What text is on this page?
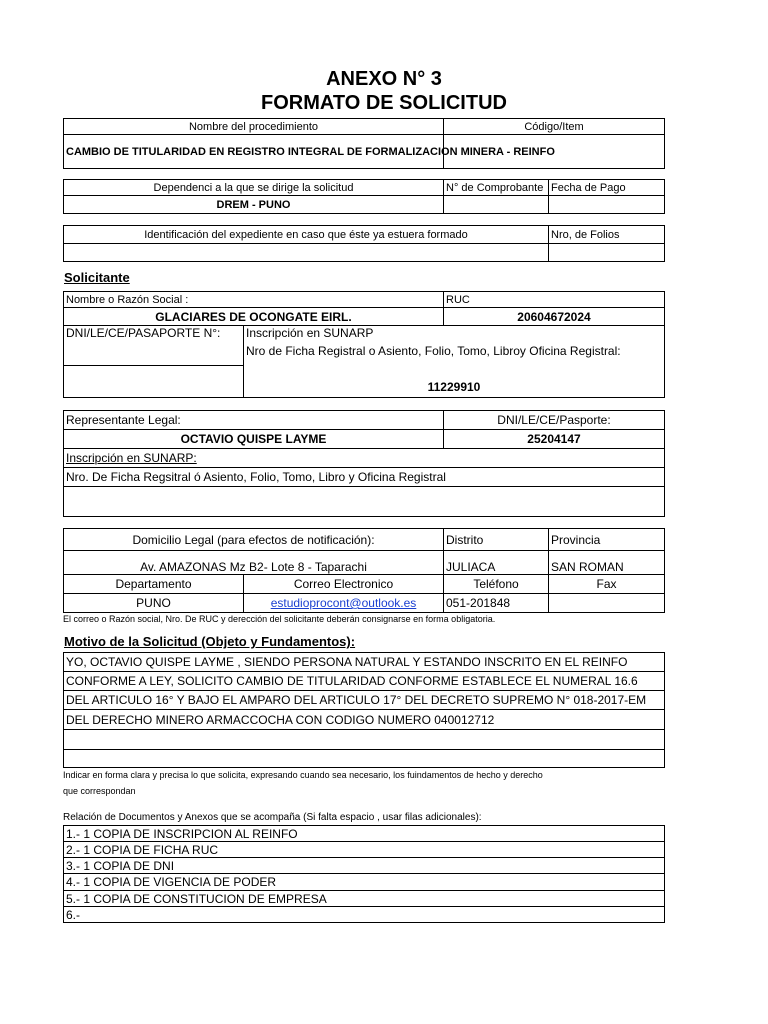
ANEXO N° 3
FORMATO DE SOLICITUD
Nombre del procedimiento	Código/Item
CAMBIO DE TITULARIDAD EN REGISTRO INTEGRAL DE FORMALIZACION MINERA - REINFO	
Dependenci a la que se dirige la solicitud	N° de Comprobante	Fecha de Pago
DREM - PUNO		
Identificación del expediente en caso que éste ya estuera formado	Nro, de Folios

Solicitante
Nombre o Razón Social :		RUC
GLACIARES DE OCONGATE EIRL.		20604672024
DNI/LE/CE/PASAPORTE N°:	Inscripción en SUNARP
Nro de Ficha Registral o Asiento, Folio, Tomo, Libroy Oficina Registral:	

	11229910	
Representante Legal:	DNI/LE/CE/Pasporte:
OCTAVIO QUISPE LAYME	25204147
Inscripción en SUNARP:	
Nro. De Ficha Regsitral ó Asiento, Folio, Tomo, Libro y Oficina Registral	

Domicilio Legal (para efectos de notificación):		Distrito	Provincia
Av. AMAZONAS Mz B2- Lote 8 - Taparachi		JULIACA	SAN ROMAN
Departamento	Correo Electronico	Teléfono	Fax
PUNO	estudioprocont@outlook.es	051-201848	
El correo o Razón social, Nro. De RUC y derección del solicitante deberán consignarse en forma obligatoria.
Motivo de la Solicitud (Objeto y Fundamentos):
YO, OCTAVIO QUISPE LAYME , SIENDO PERSONA NATURAL Y ESTANDO INSCRITO EN EL REINFO
CONFORME A LEY, SOLICITO CAMBIO DE TITULARIDAD CONFORME ESTABLECE EL NUMERAL 16.6
DEL ARTICULO 16° Y BAJO EL AMPARO DEL ARTICULO 17° DEL DECRETO SUPREMO N° 018-2017-EM
DEL DERECHO MINERO ARMACCOCHA CON CODIGO NUMERO 040012712

Indicar en forma clara y precisa lo que solicita, expresando cuando sea necesario, los fuindamentos de hecho y derecho
que correspondan
Relación de Documentos y Anexos que se acompaña (Si falta espacio , usar filas adicionales):
1.- 1 COPIA DE INSCRIPCION AL REINFO
2.- 1 COPIA DE FICHA RUC
3.- 1 COPIA DE DNI
4.- 1 COPIA DE VIGENCIA DE PODER
5.- 1 COPIA DE CONSTITUCION DE EMPRESA
6.-
